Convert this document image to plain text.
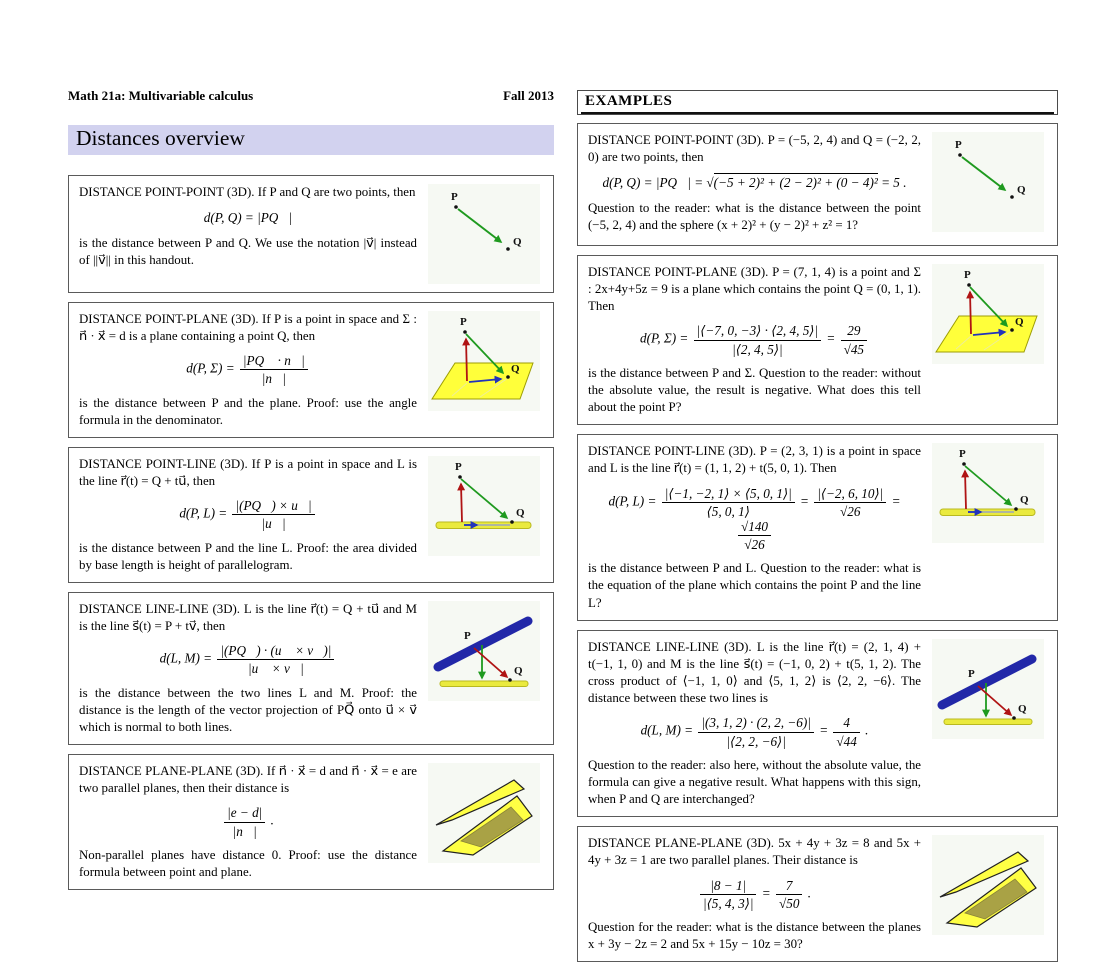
Math 21a: Multivariable calculus	Fall 2013
Distances overview
DISTANCE POINT-POINT (3D). If P and Q are two points, then
d(P, Q) = |PQ⃗|
is the distance between P and Q. We use the notation |v⃗| instead of ||v⃗|| in this handout.
P
Q
DISTANCE POINT-PLANE (3D). If P is a point in space and Σ : n⃗ · x⃗ = d is a plane containing a point Q, then
d(P, $\Sigma) = \frac{|PQ⃗ \cdot n⃗|}{|n⃗|}$
is the distance between P and the plane. Proof: use the angle formula in the denominator.
P
Q
DISTANCE POINT-LINE (3D). If P is a point in space and L is the line r⃗(t) = Q + tu⃗, then
d(P, $L) = \frac{|(PQ⃗) \times u⃗|}{|u⃗|}$
is the distance between P and the line L. Proof: the area divided by base length is height of parallelogram.
P
Q
DISTANCE LINE-LINE (3D). L is the line r⃗(t) = Q + tu⃗ and M is the line s⃗(t) = P + tv⃗, then
d(L, $M) = \frac{|(PQ⃗) \cdot (u⃗ \times v⃗)|}{|u⃗ \times v⃗|}$
is the distance between the two lines L and M. Proof: the distance is the length of the vector projection of PQ⃗ onto u⃗ × v⃗ which is normal to both lines.
P
Q
DISTANCE PLANE-PLANE (3D). If n⃗ · x⃗ = d and n⃗ · x⃗ = e are two parallel planes, then their distance is
$\frac{|e - d|}{|n⃗|}$ .
Non-parallel planes have distance 0. Proof: use the distance formula between point and plane.
EXAMPLES
DISTANCE POINT-POINT (3D). P = (−5, 2, 4) and Q = (−2, 2, 0) are two points, then
d(P, Q) = |PQ⃗| = √(−5 + 2)² + (2 − 2)² + (0 − 4)² = 5 .
Question to the reader: what is the distance between the point (−5, 2, 4) and the sphere (x + 2)² + (y − 2)² + z² = 1?
P
Q
DISTANCE POINT-PLANE (3D). P = (7, 1, 4) is a point and Σ : 2x+4y+5z = 9 is a plane which contains the point Q = (0, 1, 1). Then
d(P, $\Sigma) = \frac{|⟨-7, 0, -3⟩ \cdot ⟨2, 4, 5⟩|}{|⟨2, 4, 5⟩|} = \frac{29}{√45}$
is the distance between P and Σ. Question to the reader: without the absolute value, the result is negative. What does this tell about the point P?
P
Q
DISTANCE POINT-LINE (3D). P = (2, 3, 1) is a point in space and L is the line r⃗(t) = (1, 1, 2) + t(5, 0, 1). Then
d(P, $L) = \frac{|⟨-1, -2, 1⟩ \times ⟨5, 0, 1⟩|}{⟨5, 0, 1⟩} = \frac{|⟨-2, 6, 10⟩|}{√26}$ =
$\frac{√140}{√26}$
is the distance between P and L. Question to the reader: what is the equation of the plane which contains the point P and the line L?
P
Q
DISTANCE LINE-LINE (3D). L is the line r⃗(t) = (2, 1, 4) + t(−1, 1, 0) and M is the line s⃗(t) = (−1, 0, 2) + t(5, 1, 2). The cross product of ⟨−1, 1, 0⟩ and ⟨5, 1, 2⟩ is ⟨2, 2, −6⟩. The distance between these two lines is
d(L, $M) = \frac{|(3, 1, 2) \cdot (2, 2, -6)|}{|⟨2, 2, -6⟩|} = \frac{4}{√44}$ .
Question to the reader: also here, without the absolute value, the formula can give a negative result. What happens with this sign, when P and Q are interchanged?
P
Q
DISTANCE PLANE-PLANE (3D). 5x + 4y + 3z = 8 and 5x + 4y + 3z = 1 are two parallel planes. Their distance is
$\frac{|8 - 1|}{|⟨5, 4, 3⟩|} = \frac{7}{√50}$ .
Question for the reader: what is the distance between the planes x + 3y − 2z = 2 and 5x + 15y − 10z = 30?
